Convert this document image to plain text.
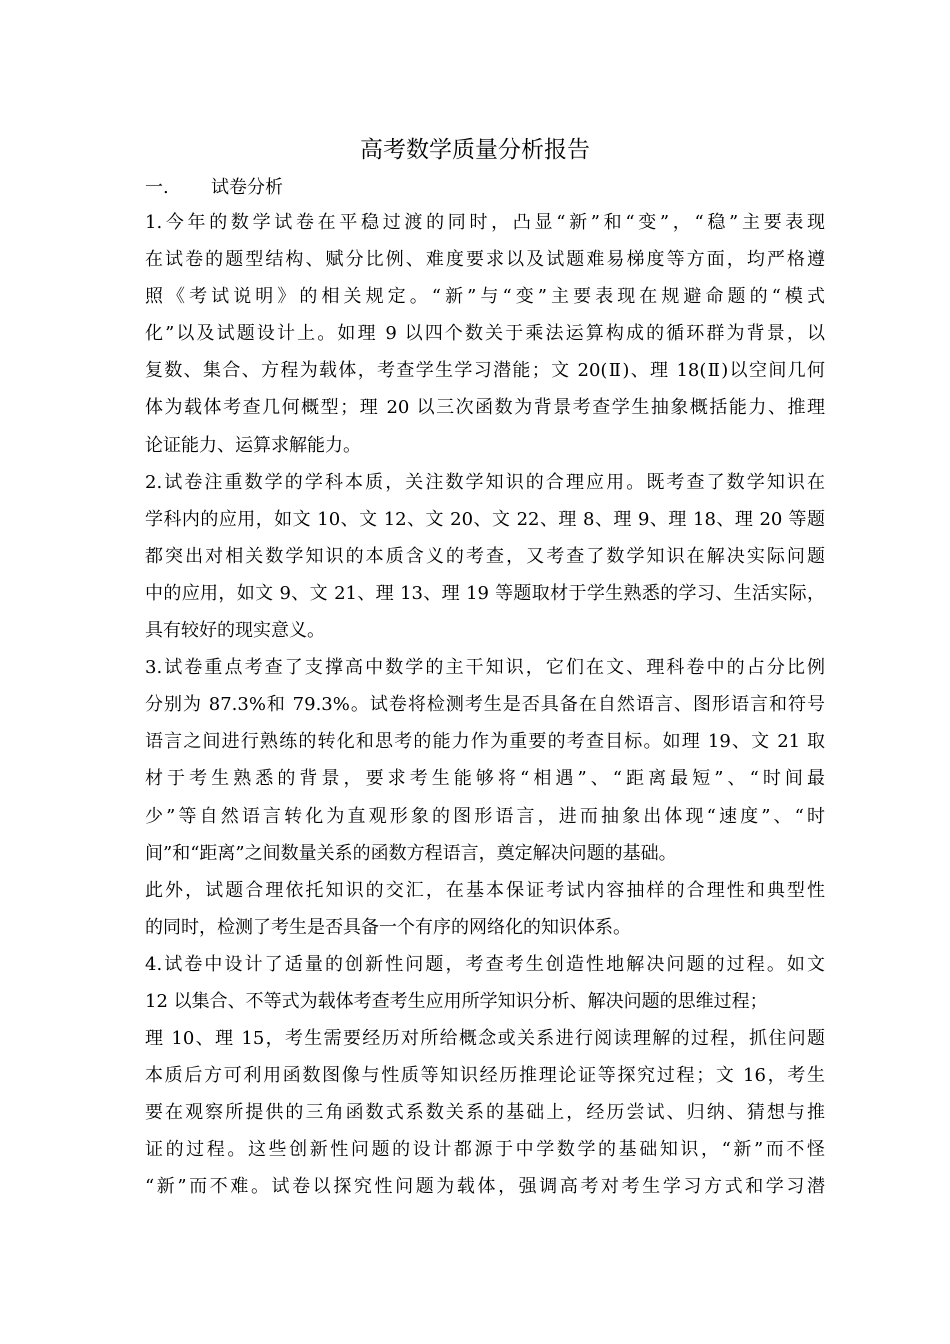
高考数学质量分析报告
一. 试卷分析
1.今年的数学试卷在平稳过渡的同时，凸显“新”和“变”，“稳”主要表现
在试卷的题型结构、赋分比例、难度要求以及试题难易梯度等方面，均严格遵
照《考试说明》的相关规定。“新”与“变”主要表现在规避命题的“模式
化”以及试题设计上。如理 9 以四个数关于乘法运算构成的循环群为背景，以
复数、集合、方程为载体，考查学生学习潜能；文 20(Ⅱ)、理 18(Ⅱ)以空间几何
体为载体考查几何概型；理 20 以三次函数为背景考查学生抽象概括能力、推理
论证能力、运算求解能力。
2.试卷注重数学的学科本质，关注数学知识的合理应用。既考查了数学知识在
学科内的应用，如文 10、文 12、文 20、文 22、理 8、理 9、理 18、理 20 等题
都突出对相关数学知识的本质含义的考查，又考查了数学知识在解决实际问题
中的应用，如文 9、文 21、理 13、理 19 等题取材于学生熟悉的学习、生活实际，
具有较好的现实意义。
3.试卷重点考查了支撑高中数学的主干知识，它们在文、理科卷中的占分比例
分别为 87.3%和 79.3%。试卷将检测考生是否具备在自然语言、图形语言和符号
语言之间进行熟练的转化和思考的能力作为重要的考查目标。如理 19、文 21 取
材于考生熟悉的背景，要求考生能够将“相遇”、“距离最短”、“时间最
少”等自然语言转化为直观形象的图形语言，进而抽象出体现“速度”、“时
间”和“距离”之间数量关系的函数方程语言，奠定解决问题的基础。
此外，试题合理依托知识的交汇，在基本保证考试内容抽样的合理性和典型性
的同时，检测了考生是否具备一个有序的网络化的知识体系。
4.试卷中设计了适量的创新性问题，考查考生创造性地解决问题的过程。如文
12 以集合、不等式为载体考查考生应用所学知识分析、解决问题的思维过程；
理 10、理 15，考生需要经历对所给概念或关系进行阅读理解的过程，抓住问题
本质后方可利用函数图像与性质等知识经历推理论证等探究过程；文 16，考生
要在观察所提供的三角函数式系数关系的基础上，经历尝试、归纳、猜想与推
证的过程。这些创新性问题的设计都源于中学数学的基础知识，“新”而不怪
“新”而不难。试卷以探究性问题为载体，强调高考对考生学习方式和学习潜
